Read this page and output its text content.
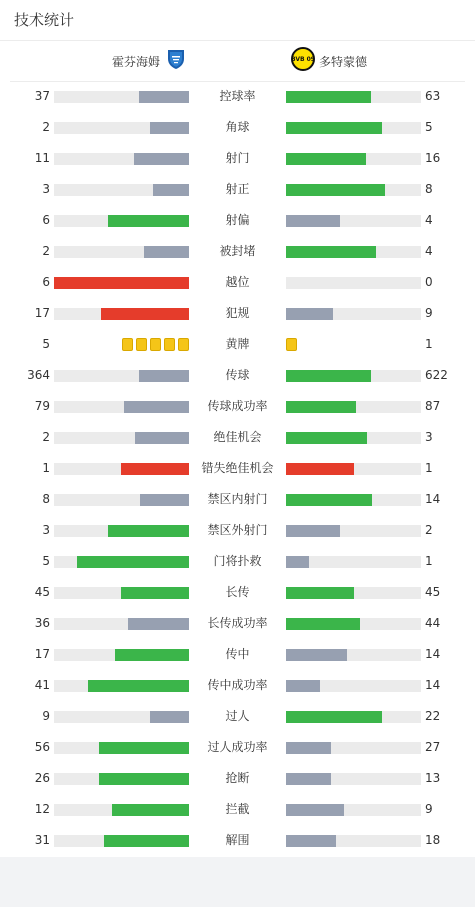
技术统计
霍芬海姆	BVB 09 多特蒙德
37	控球率	63
2	角球	5
11	射门	16
3	射正	8
6	射偏	4
2	被封堵	4
6	越位	0
17	犯规	9
5	黄牌	1
364	传球	622
79	传球成功率	87
2	绝佳机会	3
1	错失绝佳机会	1
8	禁区内射门	14
3	禁区外射门	2
5	门将扑救	1
45	长传	45
36	长传成功率	44
17	传中	14
41	传中成功率	14
9	过人	22
56	过人成功率	27
26	抢断	13
12	拦截	9
31	解围	18
